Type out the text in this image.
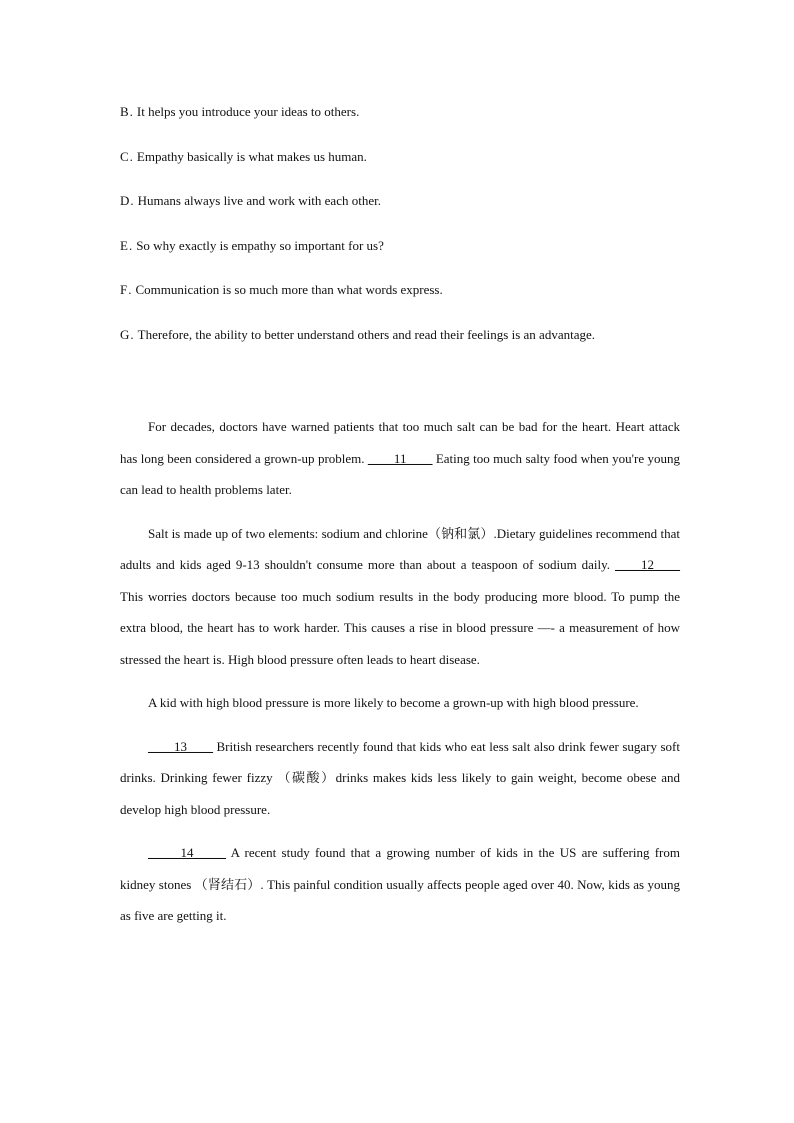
B. It helps you introduce your ideas to others.
C. Empathy basically is what makes us human.
D. Humans always live and work with each other.
E. So why exactly is empathy so important for us?
F. Communication is so much more than what words express.
G. Therefore, the ability to better understand others and read their feelings is an advantage.

For decades, doctors have warned patients that too much salt can be bad for the heart. Heart attack has long been considered a grown-up problem. ____11____ Eating too much salty food when you're young can lead to health problems later.

Salt is made up of two elements: sodium and chlorine（钠和氯）.Dietary guidelines recommend that adults and kids aged 9-13 shouldn't consume more than about a teaspoon of sodium daily. ____12____ This worries doctors because too much sodium results in the body producing more blood. To pump the extra blood, the heart has to work harder. This causes a rise in blood pressure —- a measurement of how stressed the heart is. High blood pressure often leads to heart disease.

A kid with high blood pressure is more likely to become a grown-up with high blood pressure.

____13____ British researchers recently found that kids who eat less salt also drink fewer sugary soft drinks. Drinking fewer fizzy （碳酸）drinks makes kids less likely to gain weight, become obese and develop high blood pressure.

_____14_____ A recent study found that a growing number of kids in the US are suffering from kidney stones （肾结石）. This painful condition usually affects people aged over 40. Now, kids as young as five are getting it.
